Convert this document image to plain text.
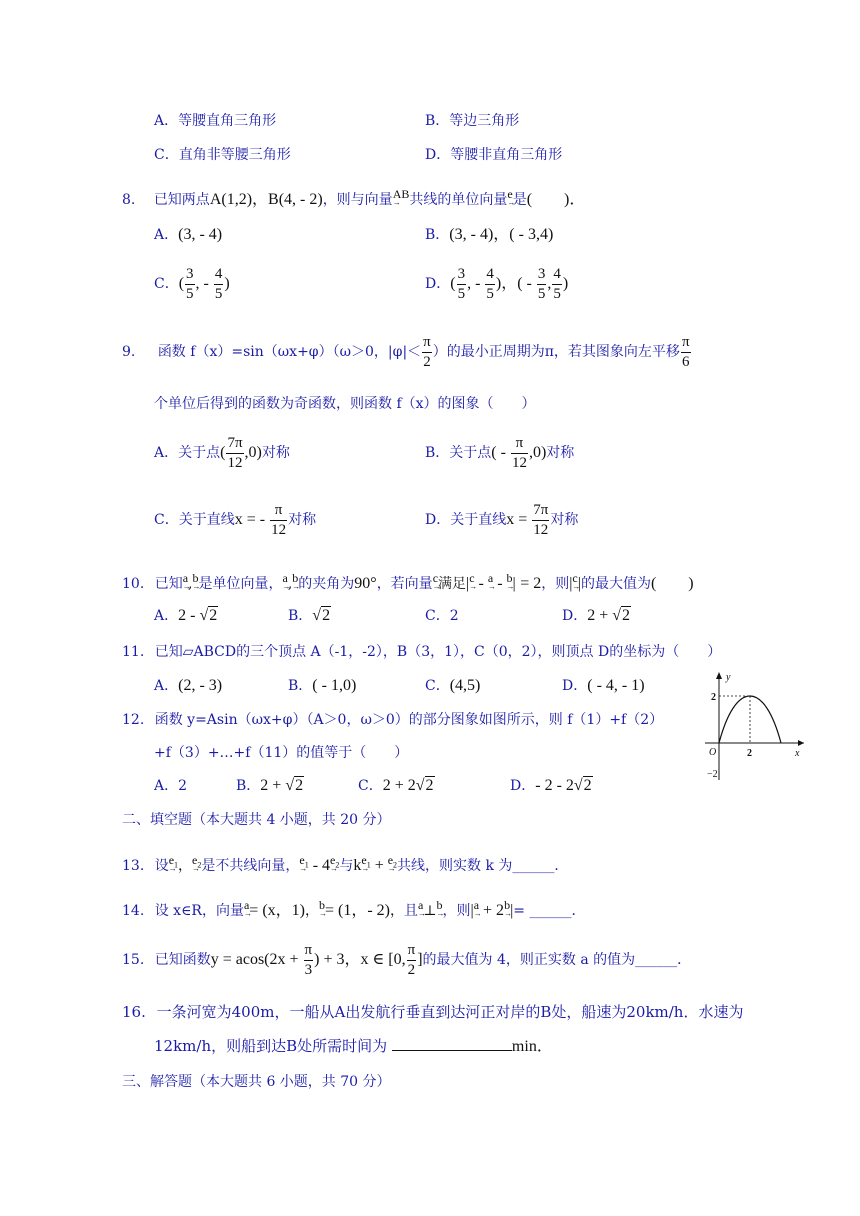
A．等腰直角三角形	B．等边三角形
C．直角非等腰三角形	D．等腰非直角三角形
8. 已知两点A(1,2)，B(4, - 2)，则与向量AB →共线的单位向量e →是(　　)．
A．(3, - 4)	B．(3, - 4)，( - 3,4)
C．( $\frac{3}{5}$ , - $\frac{4}{5}$ )	D．( $\frac{3}{5}$ , - $\frac{4}{5}$ )，( - $\frac{3}{5}$ , $\frac{4}{5}$ )
9. 函数 f（x）=sin（ωx+φ）（ω＞0，$|\varphi|< \frac{\pi}{2}$ ）的最小正周期为π，若其图象向左平移 $\frac{\pi}{6}$
个单位后得到的函数为奇函数，则函数 f（x）的图象（　　）
A．关于点( $\frac{7\pi}{12} ,0$)对称	B．关于点( - $\frac{\pi}{12} ,0$)对称
C．关于直线x = - $\frac{\pi}{12}$ 对称	D．关于直线$x = \frac{7\pi}{12}$ 对称
10. 已知a →,b →是单位向量，a →,b →的夹角为90°，若向量c →满足|c → - a → - b →| = 2，则|c →|的最大值为(　　)
A．2 - √2	B．√2	C．2	D．2 + √2
11. 已知▱ABCD的三个顶点 A（-1，-2），B（3，1），C（0，2），则顶点 D的坐标为（　　）
A．(2, - 3)	B．( - 1,0)	C．(4,5)	D．( - 4, - 1)
12. 函数 y=Asin（ωx+φ）（A＞0，ω＞0）的部分图象如图所示，则 f（1）+f（2）
+f（3）+…+f（11）的值等于（　　）
A．2	B．2 + √2	C．2 + 2√2	D．- 2 - 2√2
y
x
O
2
2
−2
二、填空题（本大题共 4 小题，共 20 分）
13. 设$e_1$ →，$e_2$ →是不共线向量，$e_1$ → - $4e_2$ →与$ke_1$ → + $e_2$ →共线，则实数 k 为______．
14. 设 x∈R，向量a →= (x，1)，b →= (1，- 2)，且a →⊥b →，则|a → + 2b →|= ______．
15. 已知函数$y = acos(2x + \frac{\pi}{3}$ ) + 3，x ∈ [0, $\frac{\pi}{2}$ ]的最大值为 4，则正实数 a 的值为______．
16. 一条河宽为400m，一船从A出发航行垂直到达河正对岸的B处，船速为20km/h．水速为
12km/h，则船到达B处所需时间为	min．
三、解答题（本大题共 6 小题，共 70 分）
